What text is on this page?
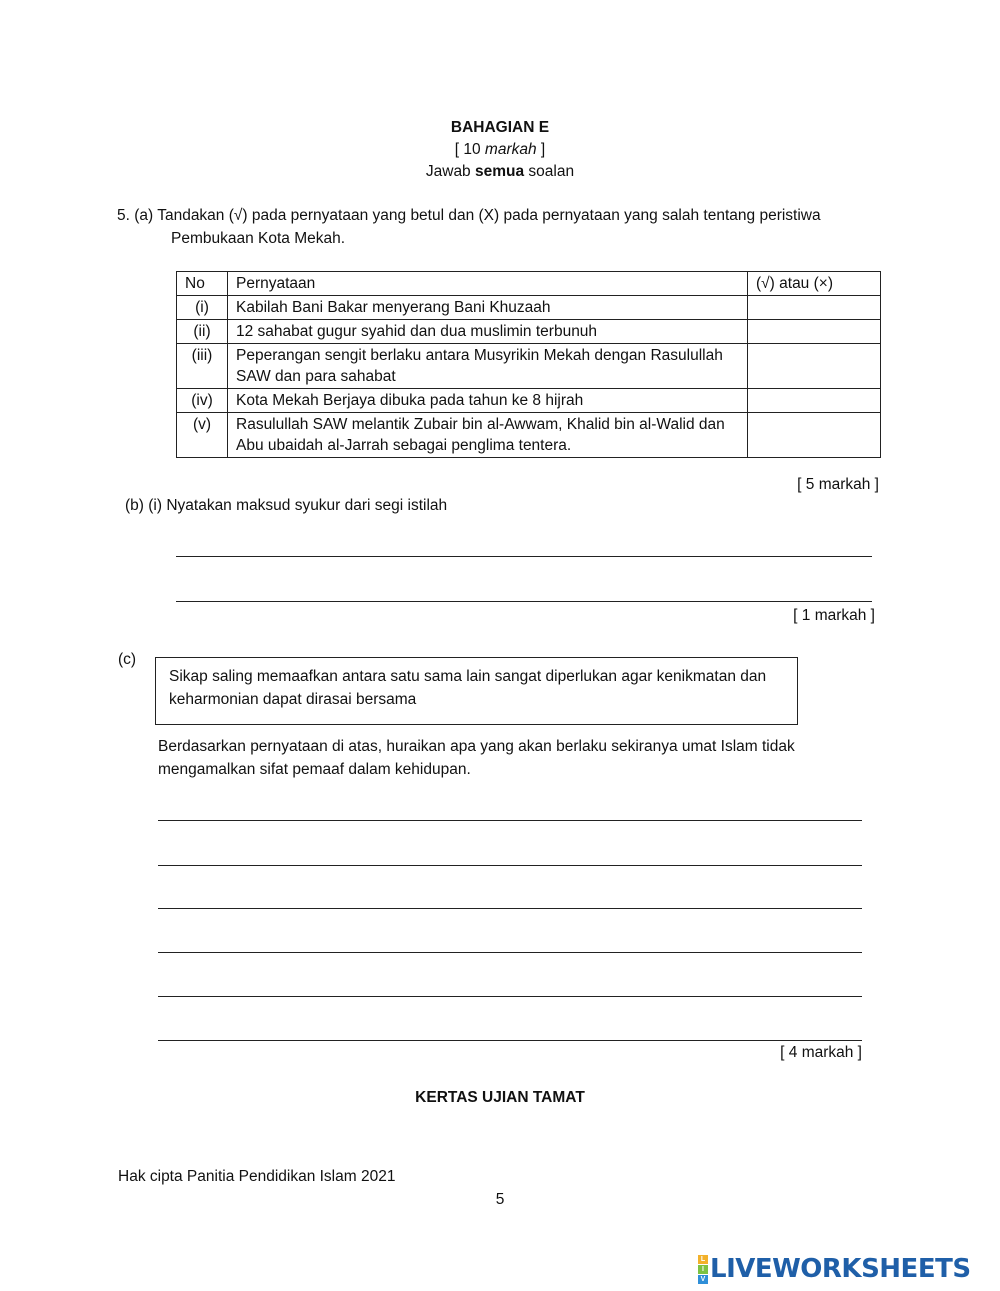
BAHAGIAN E
[ 10 markah ]
Jawab semua soalan
5. (a) Tandakan (√) pada pernyataan yang betul dan (X) pada pernyataan yang salah tentang peristiwa
Pembukaan Kota Mekah.
No	Pernyataan	(√) atau (×)
(i)	Kabilah Bani Bakar menyerang Bani Khuzaah	
(ii)	12 sahabat gugur syahid dan dua muslimin terbunuh	
(iii)	Peperangan sengit berlaku antara Musyrikin Mekah dengan Rasulullah SAW dan para sahabat	
(iv)	Kota Mekah Berjaya dibuka pada tahun ke 8 hijrah	
(v)	Rasulullah SAW melantik Zubair bin al-Awwam, Khalid bin al-Walid dan Abu ubaidah al-Jarrah sebagai penglima tentera.	
[ 5 markah ]
(b) (i) Nyatakan maksud syukur dari segi istilah
[ 1 markah ]
(c)
Sikap saling memaafkan antara satu sama lain sangat diperlukan agar kenikmatan dan keharmonian dapat dirasai bersama
Berdasarkan pernyataan di atas, huraikan apa yang akan berlaku sekiranya umat Islam tidak
mengamalkan sifat pemaaf dalam kehidupan.
[ 4 markah ]
KERTAS UJIAN TAMAT
Hak cipta Panitia Pendidikan Islam 2021
5
L
I
V LIVEWORKSHEETS
